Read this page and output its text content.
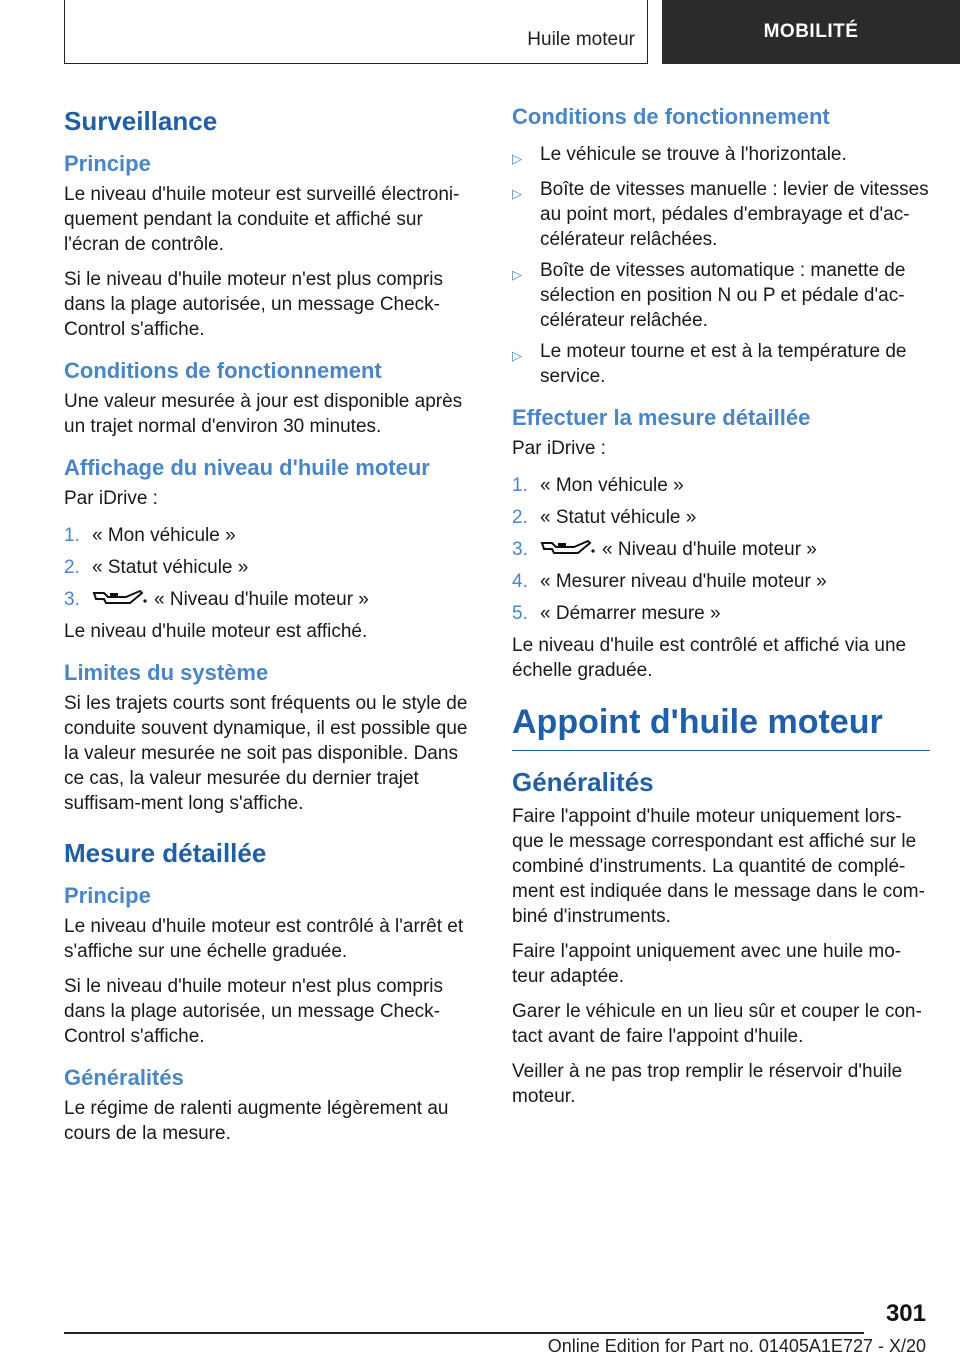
Huile moteur	MOBILITÉ
Surveillance
Principe

Le niveau d'huile moteur est surveillé électroni-quement pendant la conduite et affiché sur l'écran de contrôle.

Si le niveau d'huile moteur n'est plus compris dans la plage autorisée, un message Check-Control s'affiche.

Conditions de fonctionnement

Une valeur mesurée à jour est disponible après un trajet normal d'environ 30 minutes.

Affichage du niveau d'huile moteur

Par iDrive :

1. « Mon véhicule »
2. « Statut véhicule »
3.	« Niveau d'huile moteur »

Le niveau d'huile moteur est affiché.

Limites du système

Si les trajets courts sont fréquents ou le style de conduite souvent dynamique, il est possible que la valeur mesurée ne soit pas disponible. Dans ce cas, la valeur mesurée du dernier trajet suffisam-ment long s'affiche.

Mesure détaillée
Principe

Le niveau d'huile moteur est contrôlé à l'arrêt et s'affiche sur une échelle graduée.

Si le niveau d'huile moteur n'est plus compris dans la plage autorisée, un message Check-Control s'affiche.

Généralités

Le régime de ralenti augmente légèrement au cours de la mesure.

Conditions de fonctionnement
▷ Le véhicule se trouve à l'horizontale.
▷ Boîte de vitesses manuelle : levier de vitesses au point mort, pédales d'embrayage et d'ac-célérateur relâchées.
▷ Boîte de vitesses automatique : manette de sélection en position N ou P et pédale d'ac-célérateur relâchée.
▷ Le moteur tourne et est à la température de service.
Effectuer la mesure détaillée

Par iDrive :

1. « Mon véhicule »
2. « Statut véhicule »
3.	« Niveau d'huile moteur »
4. « Mesurer niveau d'huile moteur »
5. « Démarrer mesure »

Le niveau d'huile est contrôlé et affiché via une échelle graduée.

Appoint d'huile moteur
Généralités

Faire l'appoint d'huile moteur uniquement lors-que le message correspondant est affiché sur le combiné d'instruments. La quantité de complé-ment est indiquée dans le message dans le com-biné d'instruments.

Faire l'appoint uniquement avec une huile mo-teur adaptée.

Garer le véhicule en un lieu sûr et couper le con-tact avant de faire l'appoint d'huile.

Veiller à ne pas trop remplir le réservoir d'huile moteur.

301
Online Edition for Part no. 01405A1E727 - X/20
